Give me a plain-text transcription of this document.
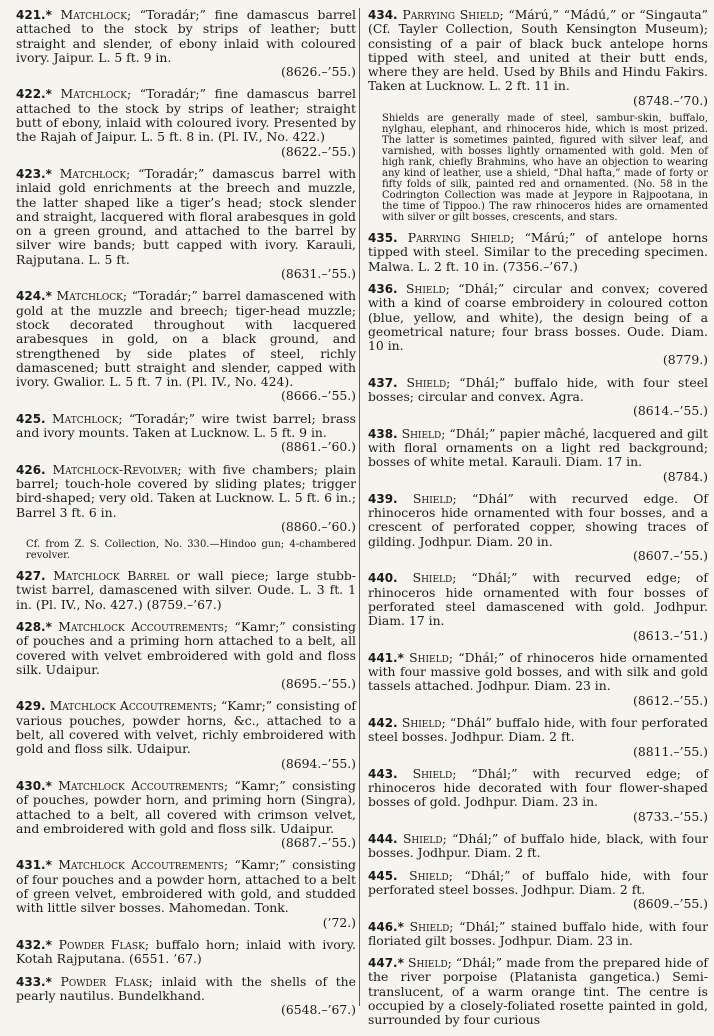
421.* Matchlock; “Toradár;” fine damascus barrel attached to the stock by strips of leather; butt straight and slender, of ebony inlaid with coloured ivory. Jaipur. L. 5 ft. 9 in.
(8626.–’55.)
422.* Matchlock; “Toradár;” fine damascus barrel attached to the stock by strips of leather; straight butt of ebony, inlaid with coloured ivory. Presented by the Rajah of Jaipur. L. 5 ft. 8 in. (Pl. IV., No. 422.)
(8622.–’55.)
423.* Matchlock; “Toradár;” damascus barrel with inlaid gold enrichments at the breech and muzzle, the latter shaped like a tiger’s head; stock slender and straight, lacquered with floral arabesques in gold on a green ground, and attached to the barrel by silver wire bands; butt capped with ivory. Karauli, Rajputana. L. 5 ft.
(8631.–’55.)
424.* Matchlock; “Toradár;” barrel damascened with gold at the muzzle and breech; tiger-head muzzle; stock decorated throughout with lacquered arabesques in gold, on a black ground, and strengthened by side plates of steel, richly damascened; butt straight and slender, capped with ivory. Gwalior. L. 5 ft. 7 in. (Pl. IV., No. 424).
(8666.–’55.)
425. Matchlock; “Toradár;” wire twist barrel; brass and ivory mounts. Taken at Lucknow. L. 5 ft. 9 in.
(8861.–’60.)
426. Matchlock-Revolver; with five chambers; plain barrel; touch-hole covered by sliding plates; trigger bird-shaped; very old. Taken at Lucknow. L. 5 ft. 6 in.; Barrel 3 ft. 6 in.
(8860.–’60.)
Cf. from Z. S. Collection, No. 330.—Hindoo gun; 4-chambered revolver.
427. Matchlock Barrel or wall piece; large stubb-twist barrel, damascened with silver. Oude. L. 3 ft. 1 in. (Pl. IV., No. 427.) (8759.–’67.)
428.* Matchlock Accoutrements; “Kamr;” consisting of pouches and a priming horn attached to a belt, all covered with velvet embroidered with gold and floss silk. Udaipur.
(8695.–’55.)
429. Matchlock Accoutrements; “Kamr;” consisting of various pouches, powder horns, &c., attached to a belt, all covered with velvet, richly embroidered with gold and floss silk. Udaipur.
(8694.–’55.)
430.* Matchlock Accoutrements; “Kamr;” consisting of pouches, powder horn, and priming horn (Singra), attached to a belt, all covered with crimson velvet, and embroidered with gold and floss silk. Udaipur.
(8687.–’55.)
431.* Matchlock Accoutrements; “Kamr;” consisting of four pouches and a powder horn, attached to a belt of green velvet, embroidered with gold, and studded with little silver bosses. Mahomedan. Tonk.
(’72.)
432.* Powder Flask; buffalo horn; inlaid with ivory. Kotah Rajputana. (6551. ’67.)
433.* Powder Flask; inlaid with the shells of the pearly nautilus. Bundelkhand.
(6548.–’67.)
434. Parrying Shield; “Márú,” “Mádú,” or “Singauta” (Cf. Tayler Collection, South Kensington Museum); consisting of a pair of black buck antelope horns tipped with steel, and united at their butt ends, where they are held. Used by Bhils and Hindu Fakirs. Taken at Lucknow. L. 2 ft. 11 in.
(8748.–’70.)
Shields are generally made of steel, sambur-skin, buffalo, nylghau, elephant, and rhinoceros hide, which is most prized. The latter is sometimes painted, figured with silver leaf, and varnished, with bosses lightly ornamented with gold. Men of high rank, chiefly Brahmins, who have an objection to wearing any kind of leather, use a shield, “Dhal hafta,” made of forty or fifty folds of silk, painted red and ornamented. (No. 58 in the Codrington Collection was made at Jeypore in Rajpootana, in the time of Tippoo.) The raw rhinoceros hides are ornamented with silver or gilt bosses, crescents, and stars.
435. Parrying Shield; “Márú;” of antelope horns tipped with steel. Similar to the preceding specimen. Malwa. L. 2 ft. 10 in. (7356.–’67.)
436. Shield; “Dhál;” circular and convex; covered with a kind of coarse embroidery in coloured cotton (blue, yellow, and white), the design being of a geometrical nature; four brass bosses. Oude. Diam. 10 in.
(8779.)
437. Shield; “Dhál;” buffalo hide, with four steel bosses; circular and convex. Agra.
(8614.–’55.)
438. Shield; “Dhál;” papier mâché, lacquered and gilt with floral ornaments on a light red background; bosses of white metal. Karauli. Diam. 17 in.
(8784.)
439. Shield; “Dhál” with recurved edge. Of rhinoceros hide ornamented with four bosses, and a crescent of perforated copper, showing traces of gilding. Jodhpur. Diam. 20 in.
(8607.–’55.)
440. Shield; “Dhál;” with recurved edge; of rhinoceros hide ornamented with four bosses of perforated steel damascened with gold. Jodhpur. Diam. 17 in.
(8613.–’51.)
441.* Shield; “Dhál;” of rhinoceros hide ornamented with four massive gold bosses, and with silk and gold tassels attached. Jodhpur. Diam. 23 in.
(8612.–’55.)
442. Shield; “Dhál” buffalo hide, with four perforated steel bosses. Jodhpur. Diam. 2 ft.
(8811.–’55.)
443. Shield; “Dhál;” with recurved edge; of rhinoceros hide decorated with four flower-shaped bosses of gold. Jodhpur. Diam. 23 in.
(8733.–’55.)
444. Shield; “Dhál;” of buffalo hide, black, with four bosses. Jodhpur. Diam. 2 ft.
445. Shield; “Dhál;” of buffalo hide, with four perforated steel bosses. Jodhpur. Diam. 2 ft.
(8609.–’55.)
446.* Shield; “Dhál;” stained buffalo hide, with four floriated gilt bosses. Jodhpur. Diam. 23 in.
447.* Shield; “Dhál;” made from the prepared hide of the river porpoise (Platanista gangetica.) Semi-translucent, of a warm orange tint. The centre is occupied by a closely-foliated rosette painted in gold, surrounded by four curious
